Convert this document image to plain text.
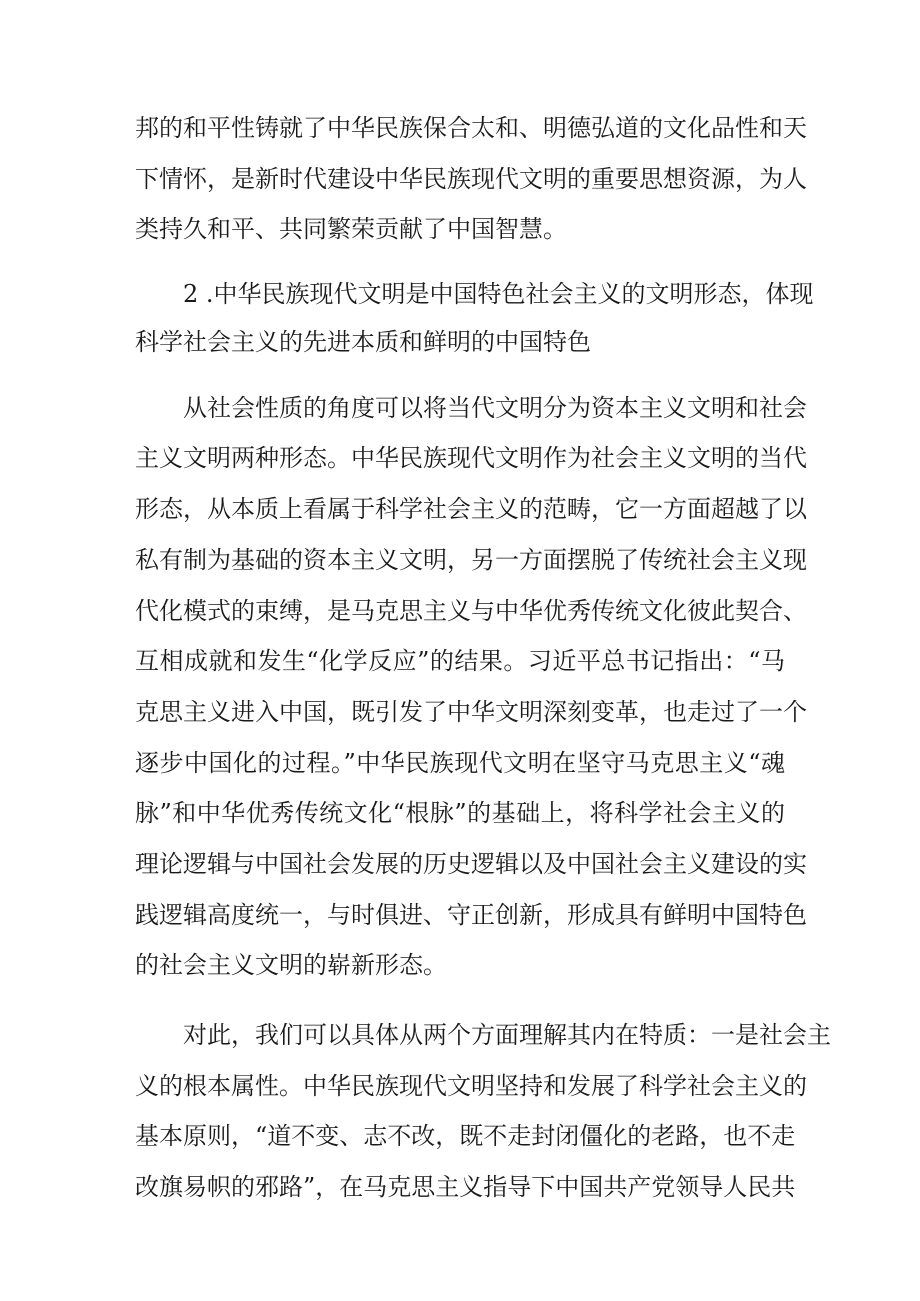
邦的和平性铸就了中华民族保合太和、明德弘道的文化品性和天
下情怀，是新时代建设中华民族现代文明的重要思想资源，为人
类持久和平、共同繁荣贡献了中国智慧。
2 .中华民族现代文明是中国特色社会主义的文明形态，体现
科学社会主义的先进本质和鲜明的中国特色
从社会性质的角度可以将当代文明分为资本主义文明和社会
主义文明两种形态。中华民族现代文明作为社会主义文明的当代
形态，从本质上看属于科学社会主义的范畴，它一方面超越了以
私有制为基础的资本主义文明，另一方面摆脱了传统社会主义现
代化模式的束缚，是马克思主义与中华优秀传统文化彼此契合、
互相成就和发生“化学反应”的结果。习近平总书记指出：“马
克思主义进入中国，既引发了中华文明深刻变革，也走过了一个
逐步中国化的过程。”中华民族现代文明在坚守马克思主义“魂
脉”和中华优秀传统文化“根脉”的基础上，将科学社会主义的
理论逻辑与中国社会发展的历史逻辑以及中国社会主义建设的实
践逻辑高度统一，与时俱进、守正创新，形成具有鲜明中国特色
的社会主义文明的崭新形态。
对此，我们可以具体从两个方面理解其内在特质：一是社会主
义的根本属性。中华民族现代文明坚持和发展了科学社会主义的
基本原则，“道不变、志不改，既不走封闭僵化的老路，也不走
改旗易帜的邪路”，在马克思主义指导下中国共产党领导人民共
